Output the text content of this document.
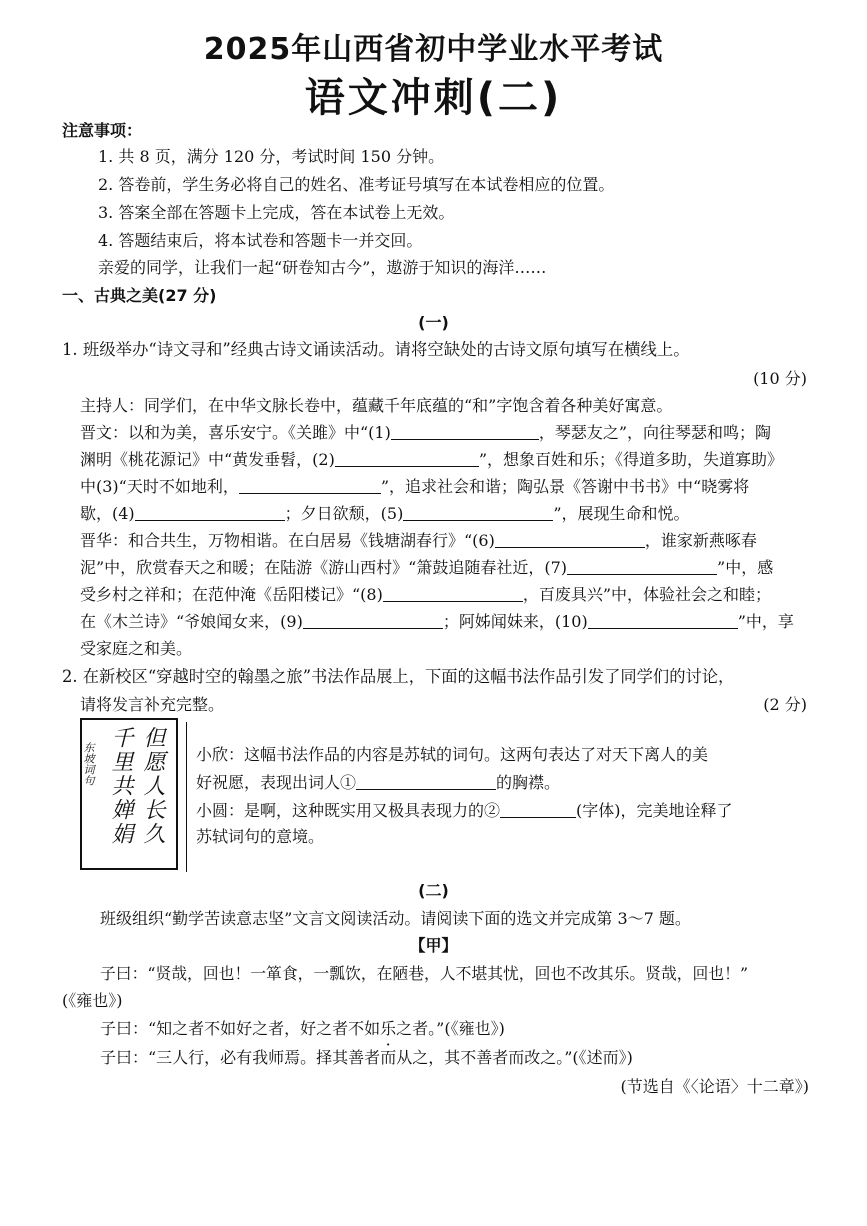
2025年山西省初中学业水平考试
语文冲刺(二)
注意事项：
1. 共 8 页，满分 120 分，考试时间 150 分钟。
2. 答卷前，学生务必将自己的姓名、准考证号填写在本试卷相应的位置。
3. 答案全部在答题卡上完成，答在本试卷上无效。
4. 答题结束后，将本试卷和答题卡一并交回。
亲爱的同学，让我们一起“研卷知古今”，遨游于知识的海洋……
一、古典之美(27 分)
(一)
1. 班级举办“诗文寻和”经典古诗文诵读活动。请将空缺处的古诗文原句填写在横线上。
(10 分)
主持人：同学们，在中华文脉长卷中，蕴藏千年底蕴的“和”字饱含着各种美好寓意。
晋文：以和为美，喜乐安宁。《关雎》中“(1)	，琴瑟友之”，向往琴瑟和鸣；陶
渊明《桃花源记》中“黄发垂髫，(2)	”，想象百姓和乐；《得道多助，失道寡助》
中(3)“天时不如地利，	”，追求社会和谐；陶弘景《答谢中书书》中“晓雾将
歇，(4)	；夕日欲颓，(5)	”，展现生命和悦。
晋华：和合共生，万物相谐。在白居易《钱塘湖春行》“(6)	，谁家新燕啄春
泥”中，欣赏春天之和暖；在陆游《游山西村》“箫鼓追随春社近，(7)	”中，感
受乡村之祥和；在范仲淹《岳阳楼记》“(8)	，百废具兴”中，体验社会之和睦；
在《木兰诗》“爷娘闻女来，(9)	；阿姊闻妹来，(10)	”中，享
受家庭之和美。
2. 在新校区“穿越时空的翰墨之旅”书法作品展上，下面的这幅书法作品引发了同学们的讨论，
请将发言补充完整。	(2 分)
但愿人长久
千里共婵娟
东坡词句	小欣：这幅书法作品的内容是苏轼的词句。这两句表达了对天下离人的美
好祝愿，表现出词人①	的胸襟。
小圆：是啊，这种既实用又极具表现力的②	(字体)，完美地诠释了
苏轼词句的意境。
(二)
班级组织“勤学苦读意志坚”文言文阅读活动。请阅读下面的选文并完成第 3～7 题。
【甲】
子曰：“贤哉，回也！一箪食，一瓢饮，在陋巷，人不堪其忧，回也不改其乐。贤哉，回也！”
(《雍也》)
子曰：“知之者不如好之者，好之者不如乐之者。”(《雍也》)
子曰：“三人行，必有我师焉。择其善者而从之，其不善者而改之。”(《述而》)
(节选自《〈论语〉十二章》)
